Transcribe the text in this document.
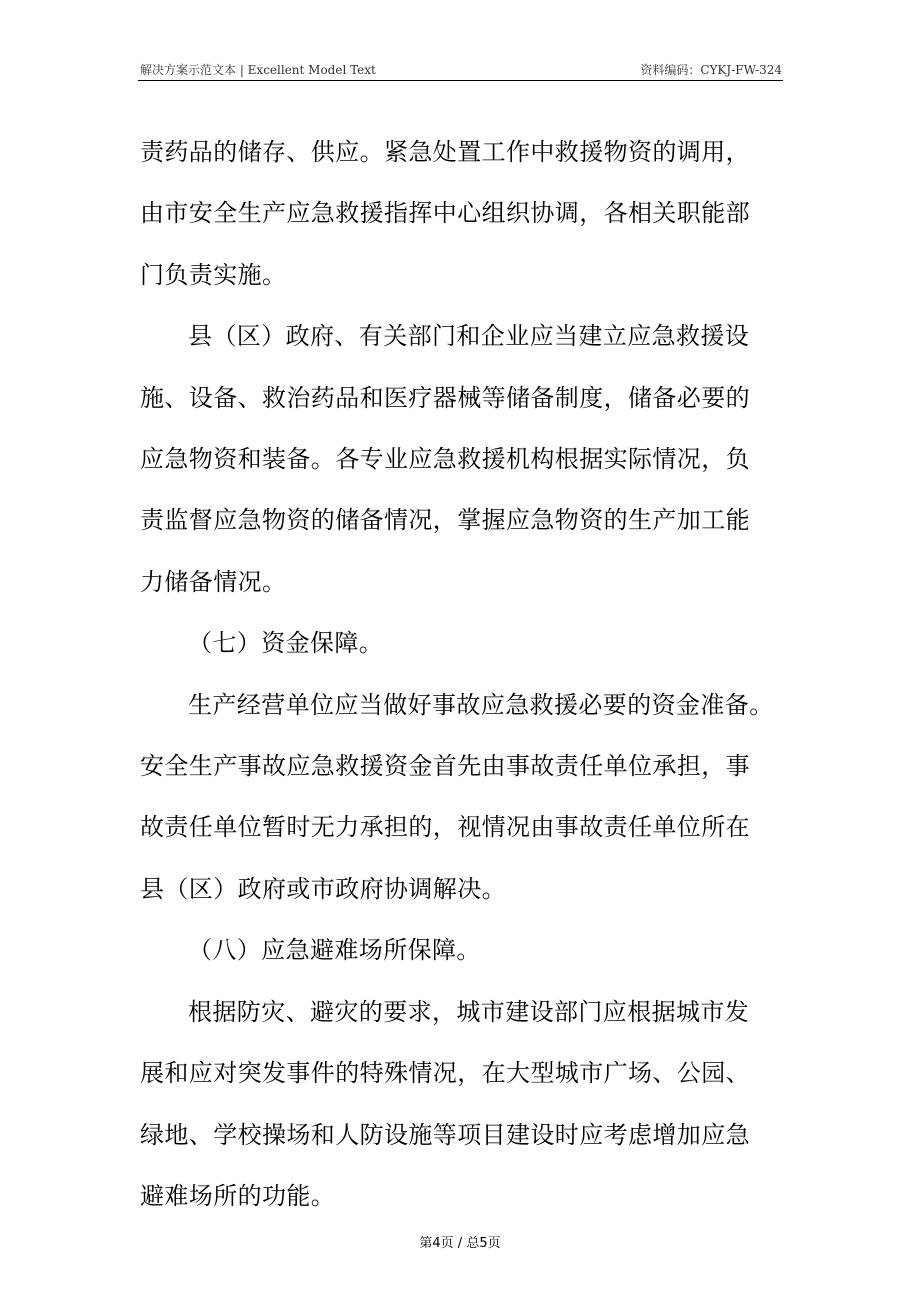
解决方案示范文本 | Excellent Model Text	资料编码：CYKJ-FW-324

责药品的储存、供应。紧急处置工作中救援物资的调用，

由市安全生产应急救援指挥中心组织协调，各相关职能部

门负责实施。

县（区）政府、有关部门和企业应当建立应急救援设

施、设备、救治药品和医疗器械等储备制度，储备必要的

应急物资和装备。各专业应急救援机构根据实际情况，负

责监督应急物资的储备情况，掌握应急物资的生产加工能

力储备情况。

（七）资金保障。

生产经营单位应当做好事故应急救援必要的资金准备。

安全生产事故应急救援资金首先由事故责任单位承担，事

故责任单位暂时无力承担的，视情况由事故责任单位所在

县（区）政府或市政府协调解决。

（八）应急避难场所保障。

根据防灾、避灾的要求，城市建设部门应根据城市发

展和应对突发事件的特殊情况，在大型城市广场、公园、

绿地、学校操场和人防设施等项目建设时应考虑增加应急

避难场所的功能。

第4页 / 总5页
